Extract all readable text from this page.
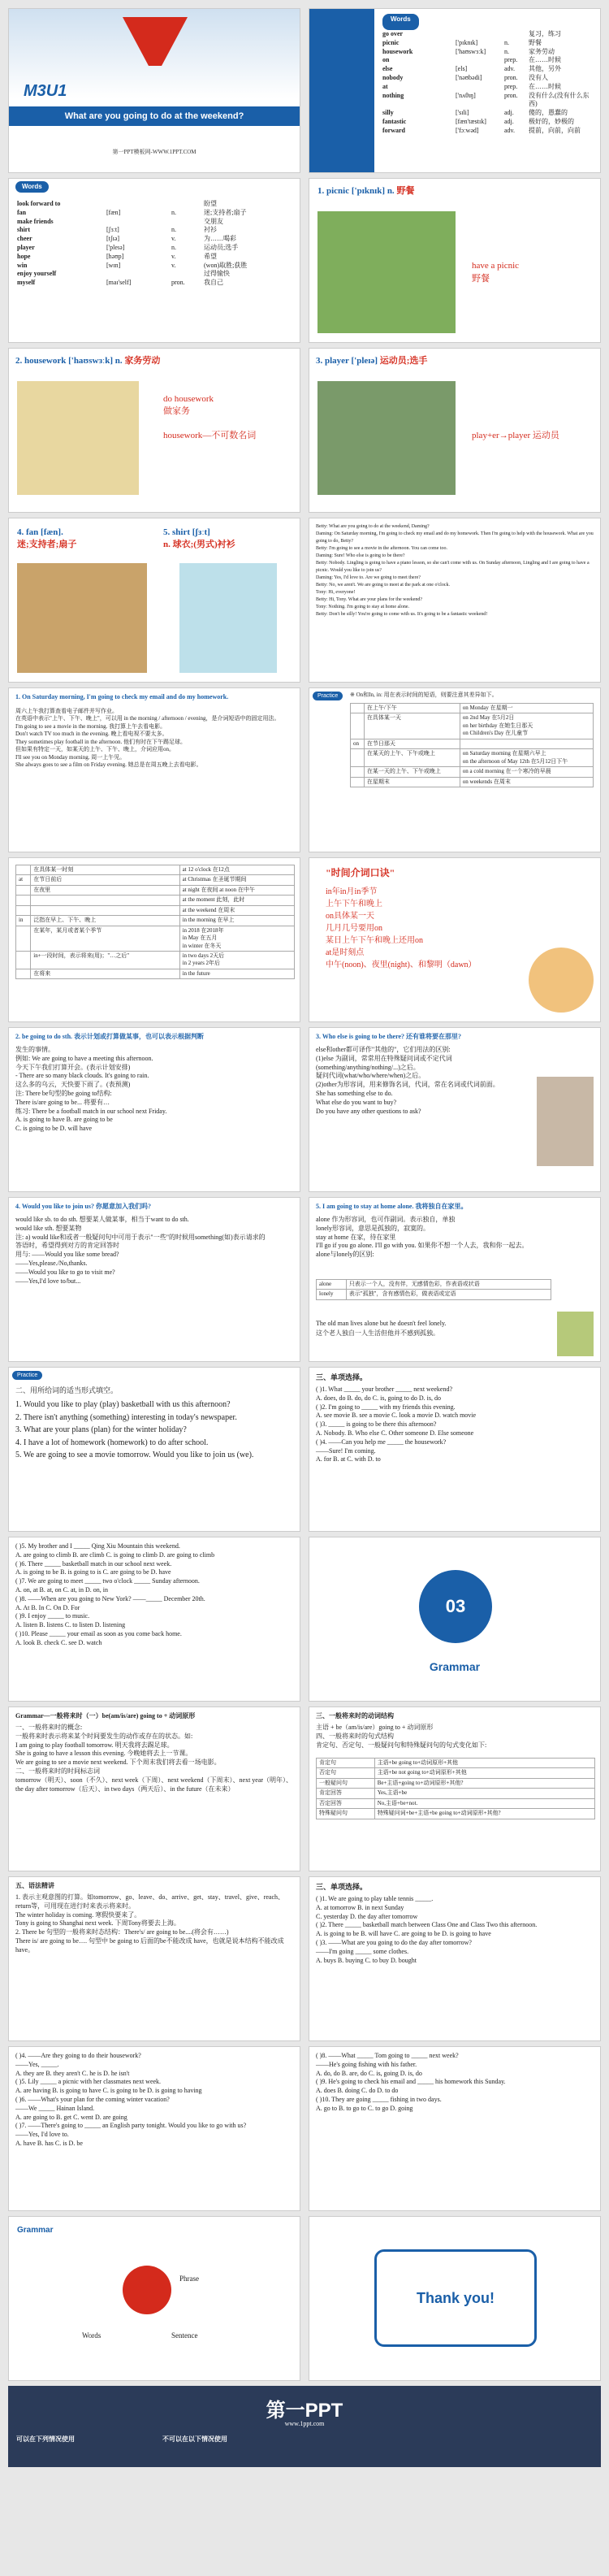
M3U1
What are you going to do at the weekend?
第一PPT模板网-WWW.1PPT.COM
Words
go over	复习，练习
picnic	['pɪknɪk]	n.	野餐
housework	['haʊswɜːk]	n.	家务劳动
on	prep.	在……时候
else	[els]	adv.	其他，另外
nobody	['nəʊbədi]	pron.	没有人
at	prep.	在……时候
nothing	['nʌθɪŋ]	pron.	没有什么(没有什么东西)
silly	['sɪli]	adj.	傻的，愚蠢的
fantastic	[fæn'tæstɪk]	adj.	极好的，妙极的
forward	['fɔːwəd]	adv.	提前，向前，向前
Words
look forward to	盼望
fan	[fæn]	n.	迷;支持者;扇子
make friends	交朋友
shirt	[ʃɜːt]	n.	衬衫
cheer	[tʃɪə]	v.	为……喝彩
player	['pleɪə]	n.	运动员;选手
hope	[həʊp]	v.	希望
win	[wɪn]	v.	(won)取胜;获胜
enjoy yourself	过得愉快
myself	[maɪ'self]	pron.	我自己
1. picnic ['pɪknɪk] n. 野餐
have a picnic
野餐
2. housework ['haʊswɜːk] n. 家务劳动
do housework
做家务
housework—不可数名词
3. player ['pleɪə] 运动员;选手
play+er→player 运动员
4. fan [fæn].
迷;支持者;扇子
5. shirt [ʃɜːt]
n. 球衣;(男式)衬衫
Betty: What are you going to do at the weekend, Daming?
Daming: On Saturday morning, I'm going to check my email and do my homework. Then I'm going to help with the housework. What are you going to do, Betty?
Betty: I'm going to see a movie in the afternoon. You can come too.
Daming: Sure! Who else is going to be there?
Betty: Nobody. Lingling is going to have a piano lesson, so she can't come with us. On Sunday afternoon, Lingling and I are going to have a picnic. Would you like to join us?
Daming: Yes, I'd love to. Are we going to meet there?
Betty: No, we aren't. We are going to meet at the park at one o'clock.
Tony: Hi, everyone!
Betty: Hi, Tony. What are your plans for the weekend?
Tony: Nothing. I'm going to stay at home alone.
Betty: Don't be silly! You're going to come with us. It's going to be a fantastic weekend!
1. On Saturday morning, I'm going to check my email and do my homework.
周六上午我打算查看电子邮件并写作业。
在英语中表示"上午、下午、晚上"，可以用 in the morning / afternoon / evening，是介词短语中的固定用法。
I'm going to see a movie in the morning. 我打算上午去看电影。
Don't watch TV too much in the evening. 晚上看电视不要太多。
They sometimes play football in the afternoon. 他们有时在下午踢足球。
但如果有特定一天，如某天的上午、下午、晚上，介词应用on。
I'll see you on Monday morning. 周一上午见。
She always goes to see a film on Friday evening. 她总是在周五晚上去看电影。
Practice	※ On和In, in: 用在表示时间的短语，则要注意其差异如下。
	在上午/下午	on Monday 在星期一
	在具体某一天	on 2nd May 在5月2日
on her birthday 在她生日那天
on Children's Day 在儿童节
on	在节日那天	
	在某天的上午、下午或晚上	on Saturday morning 在星期六早上
on the afternoon of May 12th 在5月12日下午
	在某一天的上午、下午或晚上	on a cold morning 在一个寒冷的早晨
	在星期末	on weekends 在周末
	在具体某一时刻	at 12 o'clock 在12点
at	在节日前后	at Christmas 在圣诞节期间
	在夜里	at night 在夜间 at noon 在中午
		at the moment 此刻，此时
		at the weekend 在周末
in	泛指在早上、下午、晚上	in the morning 在早上
	在某年，某月或者某个季节	in 2018 在2018年
in May 在五月
in winter 在冬天
	in+一段时间，表示将来(用)；"…之后"	in two days 2天后
in 2 years 2年后
	在将来	in the future
"时间介词口诀"
in年in月in季节
上午下午和晚上
on具体某一天
几月几号要用on
某日上午下午和晚上还用on
at是时刻点
中午(noon)、夜里(night)、和黎明（dawn）
2. be going to do sth. 表示计划或打算做某事，也可以表示根据判断
发生的事情。
例如: We are going to have a meeting this afternoon.
今天下午我们打算开会。(表示计划安排)
- There are so many black clouds. It's going to rain.
这么多的乌云，天快要下雨了。(表预测)
注: There be句型的be going to结构:
There is/are going to be... 将要有…
练习: There be a football match in our school next Friday.
A. is going to have B. are going to be
C. is going to be D. will have
3. Who else is going to be there? 还有谁将要在那里?
else和other都可译作"其他的"，它们用法的区别:
(1)else 为副词，常常用在特殊疑问词或不定代词(something/anything/nothing/...)之后。
疑问代词(what/who/where/when)之后。
(2)other为形容词，用来修饰名词，代词，常在名词或代词前面。
She has something else to do.
What else do you want to buy?
Do you have any other questions to ask?
4. Would you like to join us? 你愿意加入我们吗?
would like sb. to do sth. 想要某人做某事，相当于want to do sth.
would like sth. 想要某物
注: a) would like和或者一般疑问句中可用于表示"一些"的时候用something(如)表示请求的
答语时，希望得到对方的肯定回答时
用与: ——Would you like some bread?
——Yes,please./No,thanks.
——Would you like to go to visit me?
——Yes,I'd love to/but...
5. I am going to stay at home alone. 我将独自在家里。
alone 作为形容词，也可作副词。表示独自，单独
lonely形容词，意思是孤独的，寂寞的。
stay at home 在家，待在家里
I'll go if you go alone. I'll go with you. 如果你不想一个人去，我和你一起去。
alone与lonely的区别:
alone	只表示一个人，没有伴，无感情色彩，作表语或状语
lonely	表示"孤独"，含有感情色彩，做表语或定语
The old man lives alone but he doesn't feel lonely.
这个老人独自一人生活但他并不感到孤独。
Practice
二、用所给词的适当形式填空。
1. Would you like to play (play) basketball with us this afternoon?
2. There isn't anything (something) interesting in today's newspaper.
3. What are your plans (plan) for the winter holiday?
4. I have a lot of homework (homework) to do after school.
5. We are going to see a movie tomorrow. Would you like to join us (we).
三、单项选择。
( )1. What _____ your brother _____ next weekend?
A. does, do B. do, do C. is, going to do D. is, do
( )2. I'm going to _____ with my friends this evening.
A. see movie B. see a movie C. look a movie D. watch movie
( )3. _____ is going to be there this afternoon?
A. Nobody. B. Who else C. Other someone D. Else someone
( )4. ——Can you help me _____ the housework?
——Sure! I'm coming.
A. for B. at C. with D. to
( )5. My brother and I _____ Qing Xiu Mountain this weekend.
A. are going to climb B. are climb C. is going to climb D. are going to climb
( )6. There _____ basketball match in our school next week.
A. is going to be B. is going to is C. are going to be D. have
( )7. We are going to meet _____ two o'clock _____ Sunday afternoon.
A. on, at B. at, on C. at, in D. on, in
( )8. ——When are you going to New York? ——_____ December 20th.
A. At B. In C. On D. For
( )9. I enjoy _____ to music.
A. listen B. listens C. to listen D. listening
( )10. Please _____ your email as soon as you come back home.
A. look B. check C. see D. watch
03
Grammar
Grammar—一般将来时（一）be(am/is/are) going to + 动词原形
一、一般将来时的概念:
一般将来时表示将来某个时间要发生的动作或存在的状态。如:
I am going to play football tomorrow. 明天我将去踢足球。
She is going to have a lesson this evening. 今晚她将去上一节课。
We are going to see a movie next weekend. 下个周末我们将去看一场电影。
二、一般将来时的时间标志词
tomorrow（明天）、soon（不久）、next week（下周）、next weekend（下周末）、next year（明年）、the day after tomorrow（后天）、in two days（两天后）、in the future（在未来）
三、一般将来时的动词结构
主语 + be（am/is/are）going to + 动词原形
四、一般将来时的句式结构
肯定句、否定句、一般疑问句和特殊疑问句的句式变化如下:
肯定句	主语+be going to+动词原形+其他
否定句	主语+be not going to+动词原形+其他
一般疑问句	Be+主语+going to+动词原形+其他?
肯定回答	Yes,主语+be
否定回答	No,主语+be+not.
特殊疑问句	特殊疑问词+be+主语+be going to+动词原形+其他?
五、语法精讲
1. 表示主观意图的打算。如tomorrow、go、leave、do、arrive、get、stay、travel、give、reach、return等，可用现在进行时来表示将来时。
The winter holiday is coming. 寒假快要来了。
Tony is going to Shanghai next week. 下周Tony将要去上海。
2. There be 句型的一般将来时态结构：There's/ are going to be....(将会有……)
There is/ are going to be…. 句型中 be going to 后面的be不能改成 have，也就是说本结构不能改成have。
三、单项选择。
( )1. We are going to play table tennis _____.
A. at tomorrow B. in next Sunday
C. yesterday D. the day after tomorrow
( )2. There _____ basketball match between Class One and Class Two this afternoon.
A. is going to be B. will have C. are going to be D. is going to have
( )3. ——What are you going to do the day after tomorrow?
——I'm going _____ some clothes.
A. buys B. buying C. to buy D. bought
( )4. ——Are they going to do their housework?
——Yes, _____.
A. they are B. they aren't C. he is D. he isn't
( )5. Lily _____ a picnic with her classmates next week.
A. are having B. is going to have C. is going to be D. is going to having
( )6. ——What's your plan for the coming winter vacation?
——We _____ Hainan Island.
A. are going to B. get C. went D. are going
( )7. ——There's going to _____ an English party tonight. Would you like to go with us?
——Yes, I'd love to.
A. have B. has C. is D. be
( )8. ——What _____ Tom going to _____ next week?
——He's going fishing with his father.
A. do, do B. are, do C. is, going D. is, do
( )9. He's going to check his email and _____ his homework this Sunday.
A. does B. doing C. do D. to do
( )10. They are going _____ fishing in two days.
A. go to B. to go to C. to go D. going
Grammar
Phrase
Words	Sentence
Thank you!
第一PPT
www.1ppt.com
可以在下列情况使用	不可以在以下情况使用
